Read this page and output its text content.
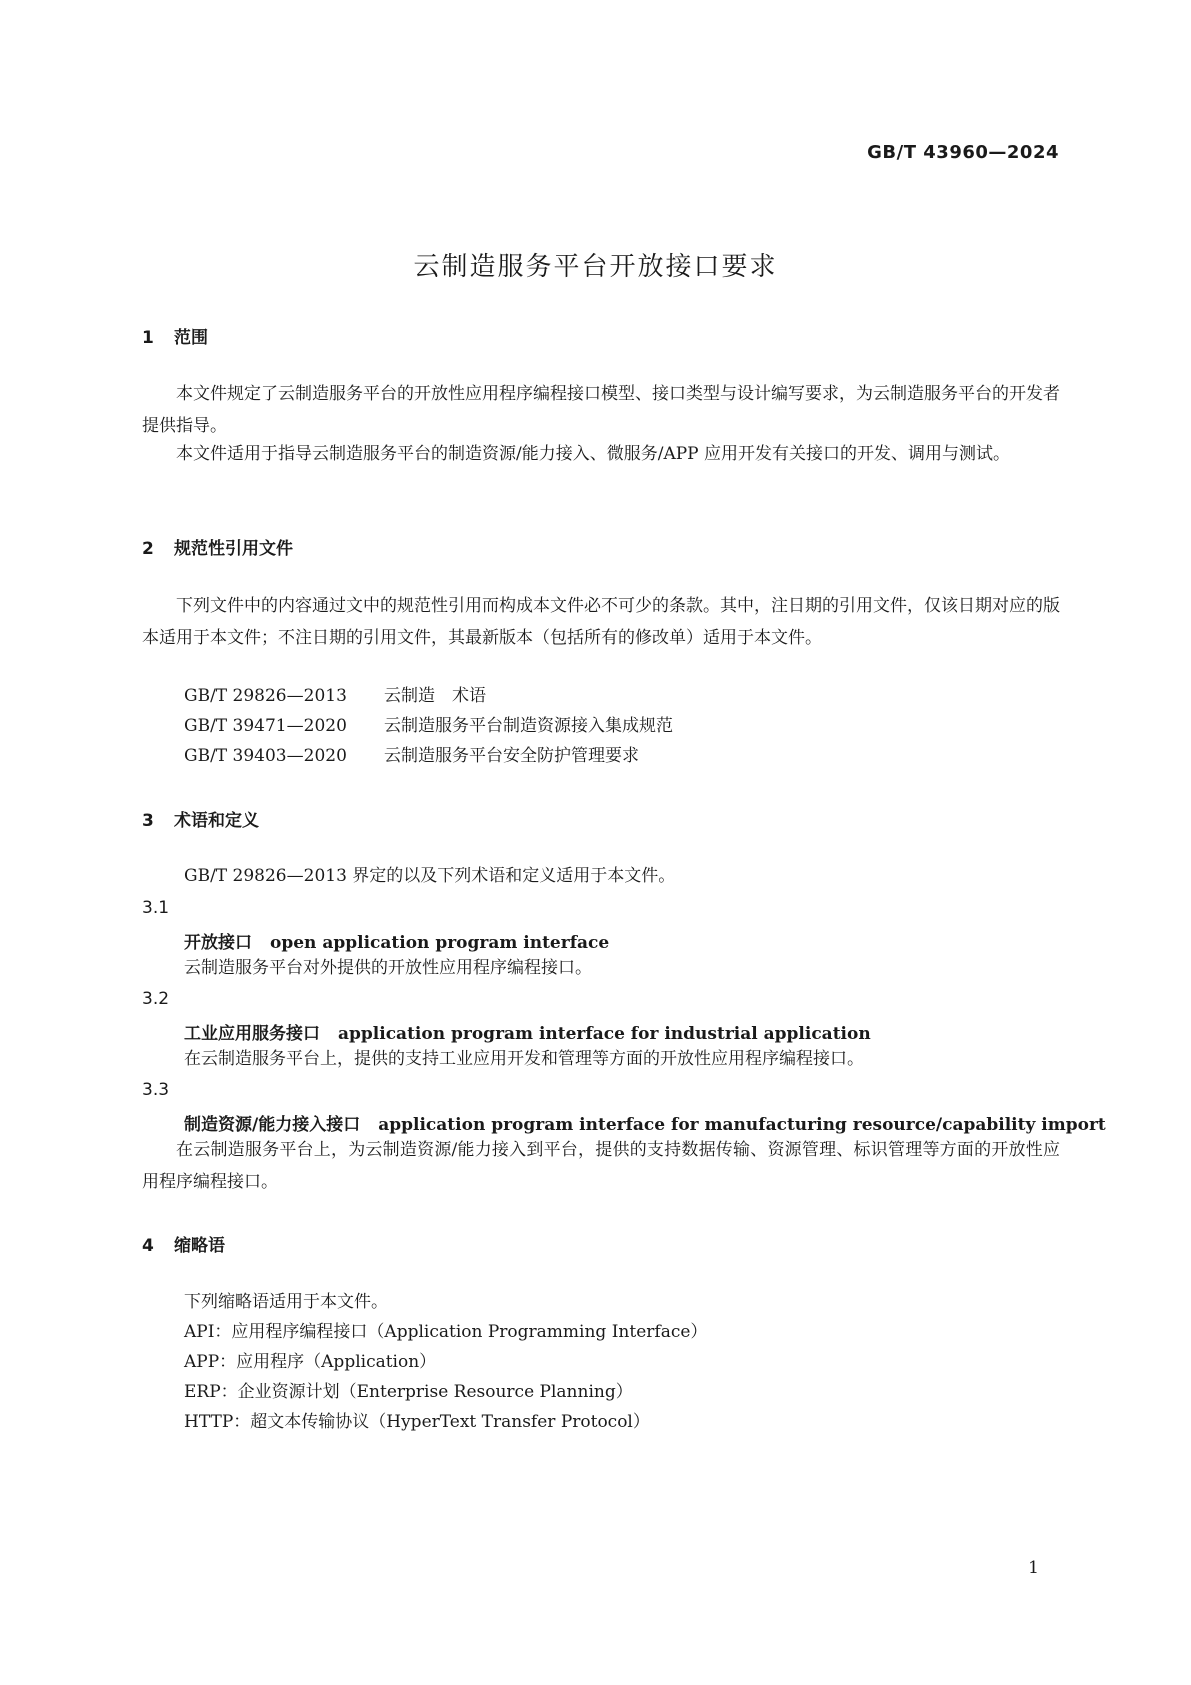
GB/T 43960—2024
云制造服务平台开放接口要求
1 范围
本文件规定了云制造服务平台的开放性应用程序编程接口模型、接口类型与设计编写要求，为云制造服务平台的开发者提供指导。
本文件适用于指导云制造服务平台的制造资源/能力接入、微服务/APP 应用开发有关接口的开发、调用与测试。
2 规范性引用文件
下列文件中的内容通过文中的规范性引用而构成本文件必不可少的条款。其中，注日期的引用文件，仅该日期对应的版本适用于本文件；不注日期的引用文件，其最新版本（包括所有的修改单）适用于本文件。
GB/T 29826—2013 云制造　术语
GB/T 39471—2020 云制造服务平台制造资源接入集成规范
GB/T 39403—2020 云制造服务平台安全防护管理要求
3 术语和定义
GB/T 29826—2013 界定的以及下列术语和定义适用于本文件。
3.1
开放接口 open application program interface
云制造服务平台对外提供的开放性应用程序编程接口。
3.2
工业应用服务接口 application program interface for industrial application
在云制造服务平台上，提供的支持工业应用开发和管理等方面的开放性应用程序编程接口。
3.3
制造资源/能力接入接口 application program interface for manufacturing resource/capability import
在云制造服务平台上，为云制造资源/能力接入到平台，提供的支持数据传输、资源管理、标识管理等方面的开放性应用程序编程接口。
4 缩略语
下列缩略语适用于本文件。
API：应用程序编程接口（Application Programming Interface）
APP：应用程序（Application）
ERP：企业资源计划（Enterprise Resource Planning）
HTTP：超文本传输协议（HyperText Transfer Protocol）
1
